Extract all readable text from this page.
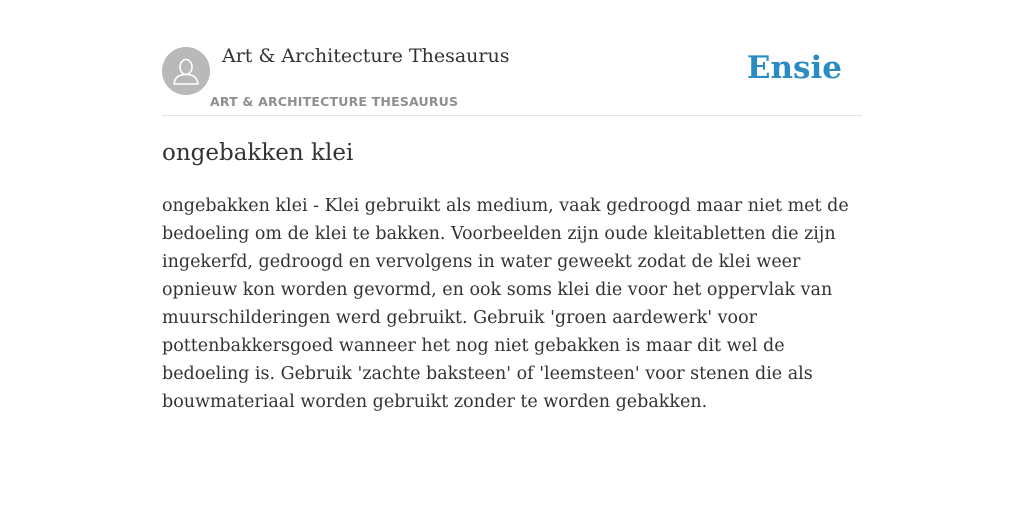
Art & Architecture Thesaurus
ART & ARCHITECTURE THESAURUS
Ensie
ongebakken klei

ongebakken klei - Klei gebruikt als medium, vaak gedroogd maar niet met de bedoeling om de klei te bakken. Voorbeelden zijn oude kleitabletten die zijn ingekerfd, gedroogd en vervolgens in water geweekt zodat de klei weer opnieuw kon worden gevormd, en ook soms klei die voor het oppervlak van muurschilderingen werd gebruikt. Gebruik 'groen aardewerk' voor pottenbakkersgoed wanneer het nog niet gebakken is maar dit wel de bedoeling is. Gebruik 'zachte baksteen' of 'leemsteen' voor stenen die als bouwmateriaal worden gebruikt zonder te worden gebakken.
